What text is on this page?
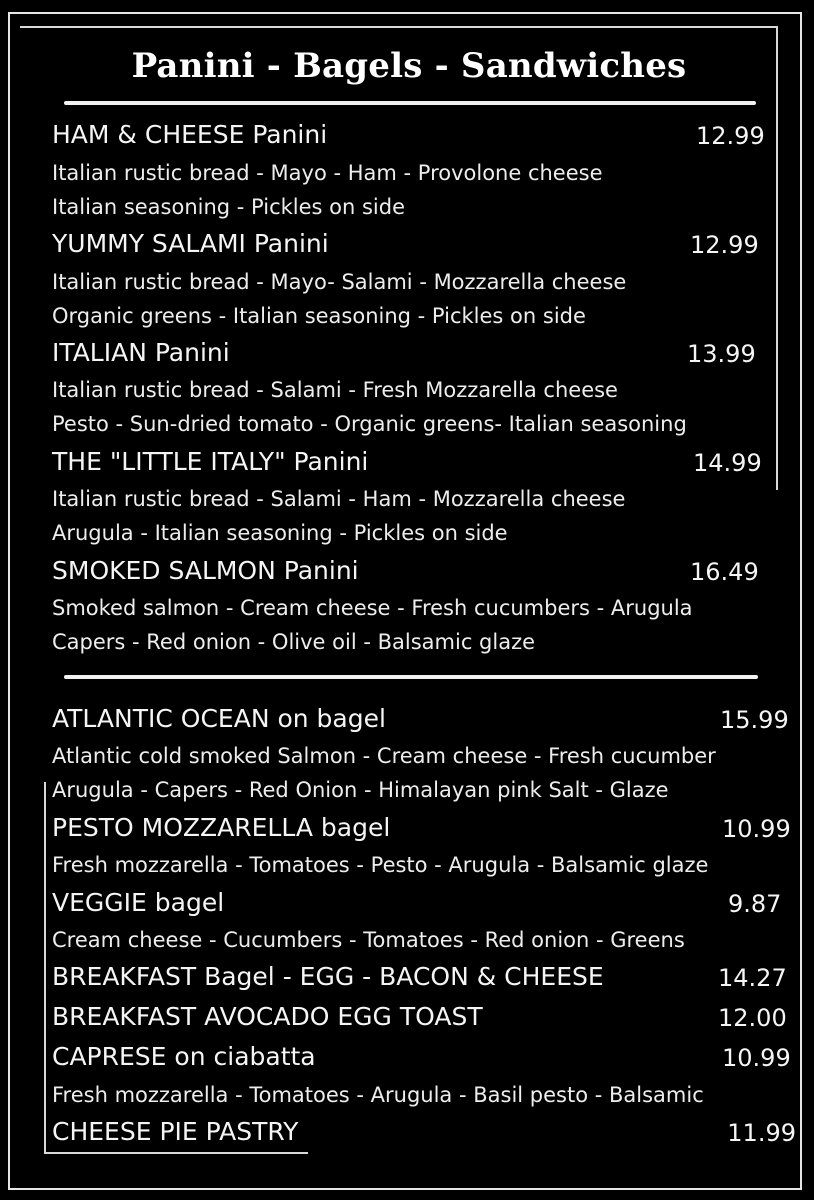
Panini - Bagels - Sandwiches
HAM & CHEESE Panini	12.99
Italian rustic bread - Mayo - Ham - Provolone cheese
Italian seasoning - Pickles on side
YUMMY SALAMI Panini	12.99
Italian rustic bread - Mayo- Salami - Mozzarella cheese
Organic greens - Italian seasoning - Pickles on side
ITALIAN Panini	13.99
Italian rustic bread - Salami - Fresh Mozzarella cheese
Pesto - Sun-dried tomato - Organic greens- Italian seasoning
THE "LITTLE ITALY" Panini	14.99
Italian rustic bread - Salami - Ham - Mozzarella cheese
Arugula - Italian seasoning - Pickles on side
SMOKED SALMON Panini	16.49
Smoked salmon - Cream cheese - Fresh cucumbers - Arugula
Capers - Red onion - Olive oil - Balsamic glaze
ATLANTIC OCEAN on bagel	15.99
Atlantic cold smoked Salmon - Cream cheese - Fresh cucumber
Arugula - Capers - Red Onion - Himalayan pink Salt - Glaze
PESTO MOZZARELLA bagel	10.99
Fresh mozzarella - Tomatoes - Pesto - Arugula - Balsamic glaze
VEGGIE bagel	9.87
Cream cheese - Cucumbers - Tomatoes - Red onion - Greens
BREAKFAST Bagel - EGG - BACON & CHEESE	14.27
BREAKFAST AVOCADO EGG TOAST	12.00
CAPRESE on ciabatta	10.99
Fresh mozzarella - Tomatoes - Arugula - Basil pesto - Balsamic
CHEESE PIE PASTRY	11.99
